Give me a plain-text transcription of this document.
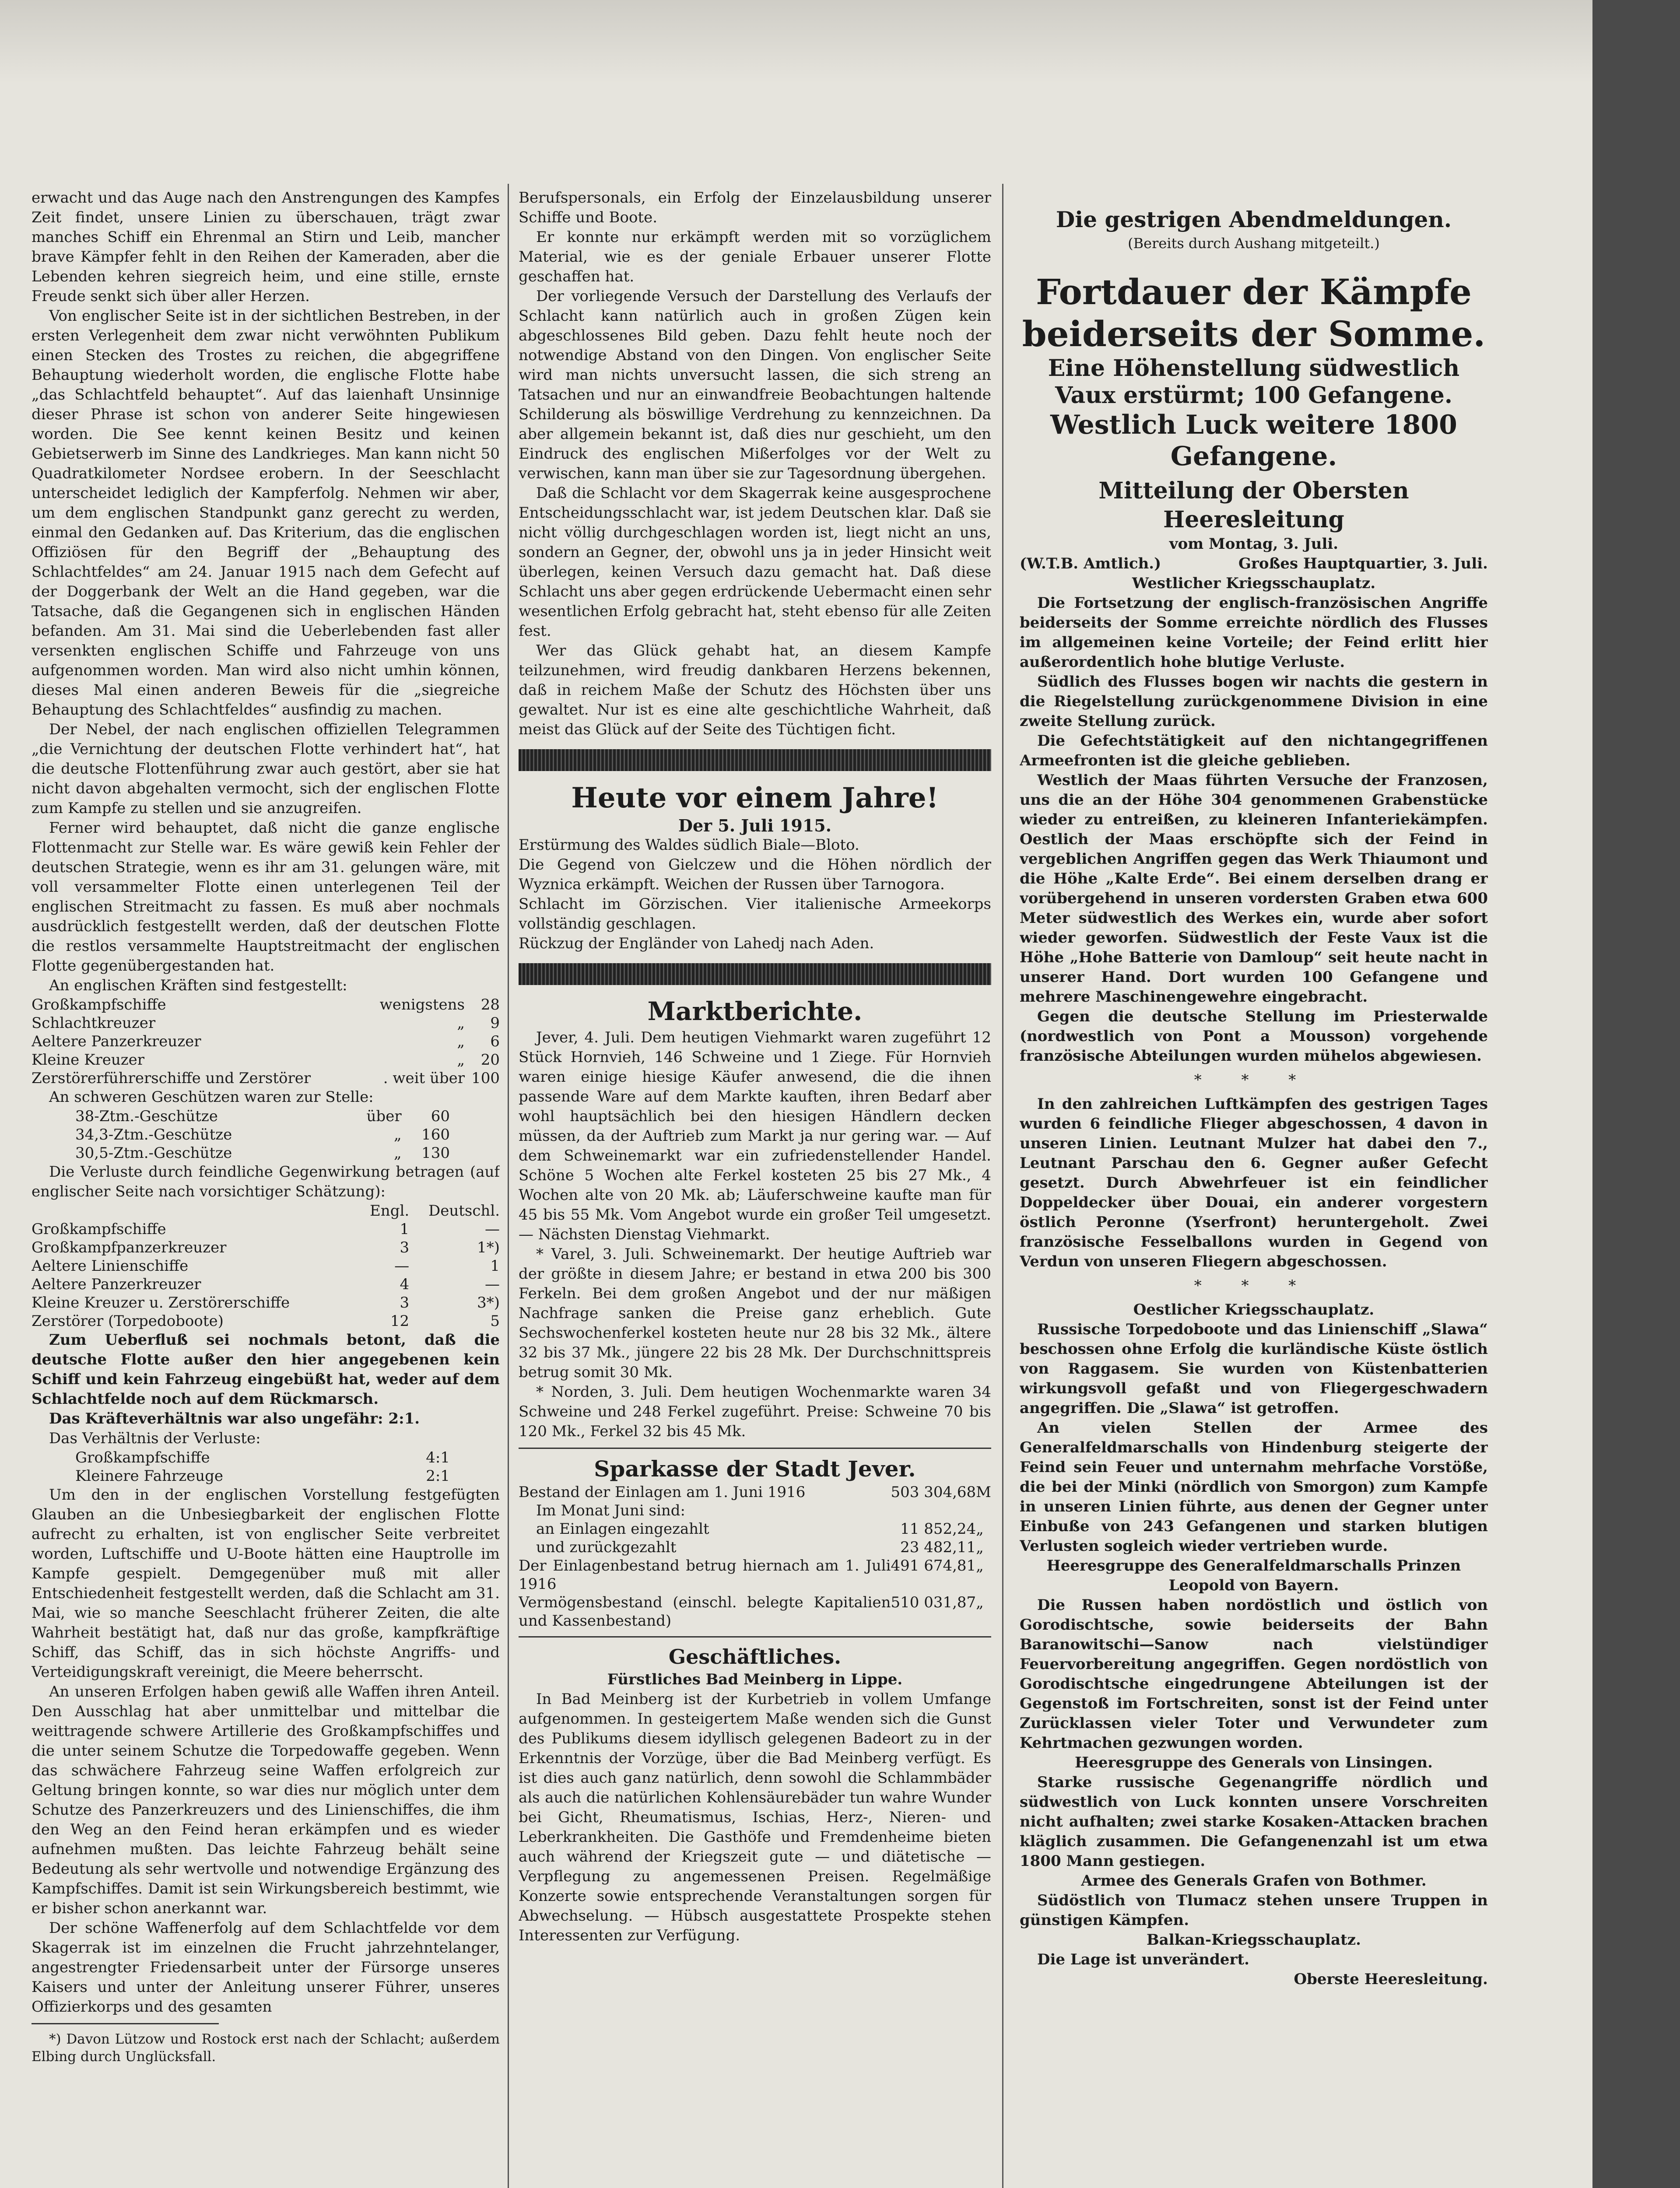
erwacht und das Auge nach den Anstrengungen des Kampfes Zeit findet, unsere Linien zu überschauen, trägt zwar manches Schiff ein Ehrenmal an Stirn und Leib, mancher brave Kämpfer fehlt in den Reihen der Kameraden, aber die Lebenden kehren siegreich heim, und eine stille, ernste Freude senkt sich über aller Herzen.

Von englischer Seite ist in der sichtlichen Bestreben, in der ersten Verlegenheit dem zwar nicht verwöhnten Publikum einen Stecken des Trostes zu reichen, die abgegriffene Behauptung wiederholt worden, die englische Flotte habe „das Schlachtfeld behauptet“. Auf das laienhaft Unsinnige dieser Phrase ist schon von anderer Seite hingewiesen worden. Die See kennt keinen Besitz und keinen Gebietserwerb im Sinne des Landkrieges. Man kann nicht 50 Quadratkilometer Nordsee erobern. In der Seeschlacht unterscheidet lediglich der Kampferfolg. Nehmen wir aber, um dem englischen Standpunkt ganz gerecht zu werden, einmal den Gedanken auf. Das Kriterium, das die englischen Offiziösen für den Begriff der „Behauptung des Schlachtfeldes“ am 24. Januar 1915 nach dem Gefecht auf der Doggerbank der Welt an die Hand gegeben, war die Tatsache, daß die Gegangenen sich in englischen Händen befanden. Am 31. Mai sind die Ueberlebenden fast aller versenkten englischen Schiffe und Fahrzeuge von uns aufgenommen worden. Man wird also nicht umhin können, dieses Mal einen anderen Beweis für die „siegreiche Behauptung des Schlachtfeldes“ ausfindig zu machen.

Der Nebel, der nach englischen offiziellen Telegrammen „die Vernichtung der deutschen Flotte verhindert hat“, hat die deutsche Flottenführung zwar auch gestört, aber sie hat nicht davon abgehalten vermocht, sich der englischen Flotte zum Kampfe zu stellen und sie anzugreifen.

Ferner wird behauptet, daß nicht die ganze englische Flottenmacht zur Stelle war. Es wäre gewiß kein Fehler der deutschen Strategie, wenn es ihr am 31. gelungen wäre, mit voll versammelter Flotte einen unterlegenen Teil der englischen Streitmacht zu fassen. Es muß aber nochmals ausdrücklich festgestellt werden, daß der deutschen Flotte die restlos versammelte Hauptstreitmacht der englischen Flotte gegenübergestanden hat.

An englischen Kräften sind festgestellt:

Großkampfschiffe	wenigstens	28
Schlachtkreuzer	„	9
Aeltere Panzerkreuzer	„	6
Kleine Kreuzer	„	20
Zerstörerführerschiffe und Zerstörer	. weit über	100

An schweren Geschützen waren zur Stelle:

38-Ztm.-Geschütze	über	60
34,3-Ztm.-Geschütze	„	160
30,5-Ztm.-Geschütze	„	130

Die Verluste durch feindliche Gegenwirkung betragen (auf englischer Seite nach vorsichtiger Schätzung):

	Engl.	Deutschl.
Großkampfschiffe	1	—
Großkampfpanzerkreuzer	3	1*)
Aeltere Linienschiffe	—	1
Aeltere Panzerkreuzer	4	—
Kleine Kreuzer u. Zerstörerschiffe	3	3*)
Zerstörer (Torpedoboote)	12	5

Zum Ueberfluß sei nochmals betont, daß die deutsche Flotte außer den hier angegebenen kein Schiff und kein Fahrzeug eingebüßt hat, weder auf dem Schlachtfelde noch auf dem Rückmarsch.

Das Kräfteverhältnis war also ungefähr: 2:1.

Das Verhältnis der Verluste:

Großkampfschiffe	4:1
Kleinere Fahrzeuge	2:1

Um den in der englischen Vorstellung festgefügten Glauben an die Unbesiegbarkeit der englischen Flotte aufrecht zu erhalten, ist von englischer Seite verbreitet worden, Luftschiffe und U-Boote hätten eine Hauptrolle im Kampfe gespielt. Demgegenüber muß mit aller Entschiedenheit festgestellt werden, daß die Schlacht am 31. Mai, wie so manche Seeschlacht früherer Zeiten, die alte Wahrheit bestätigt hat, daß nur das große, kampfkräftige Schiff, das Schiff, das in sich höchste Angriffs- und Verteidigungskraft vereinigt, die Meere beherrscht.

An unseren Erfolgen haben gewiß alle Waffen ihren Anteil. Den Ausschlag hat aber unmittelbar und mittelbar die weittragende schwere Artillerie des Großkampfschiffes und die unter seinem Schutze die Torpedowaffe gegeben. Wenn das schwächere Fahrzeug seine Waffen erfolgreich zur Geltung bringen konnte, so war dies nur möglich unter dem Schutze des Panzerkreuzers und des Linienschiffes, die ihm den Weg an den Feind heran erkämpfen und es wieder aufnehmen mußten. Das leichte Fahrzeug behält seine Bedeutung als sehr wertvolle und notwendige Ergänzung des Kampfschiffes. Damit ist sein Wirkungsbereich bestimmt, wie er bisher schon anerkannt war.

Der schöne Waffenerfolg auf dem Schlachtfelde vor dem Skagerrak ist im einzelnen die Frucht jahrzehntelanger, angestrengter Friedensarbeit unter der Fürsorge unseres Kaisers und unter der Anleitung unserer Führer, unseres Offizierkorps und des gesamten

*) Davon Lützow und Rostock erst nach der Schlacht; außerdem Elbing durch Unglücksfall.

Berufspersonals, ein Erfolg der Einzelausbildung unserer Schiffe und Boote.

Er konnte nur erkämpft werden mit so vorzüglichem Material, wie es der geniale Erbauer unserer Flotte geschaffen hat.

Der vorliegende Versuch der Darstellung des Verlaufs der Schlacht kann natürlich auch in großen Zügen kein abgeschlossenes Bild geben. Dazu fehlt heute noch der notwendige Abstand von den Dingen. Von englischer Seite wird man nichts unversucht lassen, die sich streng an Tatsachen und nur an einwandfreie Beobachtungen haltende Schilderung als böswillige Verdrehung zu kennzeichnen. Da aber allgemein bekannt ist, daß dies nur geschieht, um den Eindruck des englischen Mißerfolges vor der Welt zu verwischen, kann man über sie zur Tagesordnung übergehen.

Daß die Schlacht vor dem Skagerrak keine ausgesprochene Entscheidungsschlacht war, ist jedem Deutschen klar. Daß sie nicht völlig durchgeschlagen worden ist, liegt nicht an uns, sondern an Gegner, der, obwohl uns ja in jeder Hinsicht weit überlegen, keinen Versuch dazu gemacht hat. Daß diese Schlacht uns aber gegen erdrückende Uebermacht einen sehr wesentlichen Erfolg gebracht hat, steht ebenso für alle Zeiten fest.

Wer das Glück gehabt hat, an diesem Kampfe teilzunehmen, wird freudig dankbaren Herzens bekennen, daß in reichem Maße der Schutz des Höchsten über uns gewaltet. Nur ist es eine alte geschichtliche Wahrheit, daß meist das Glück auf der Seite des Tüchtigen ficht.

Heute vor einem Jahre!
Der 5. Juli 1915.

Erstürmung des Waldes südlich Biale—Bloto.

Die Gegend von Gielczew und die Höhen nördlich der Wyznica erkämpft. Weichen der Russen über Tarnogora.

Schlacht im Görzischen. Vier italienische Armeekorps vollständig geschlagen.

Rückzug der Engländer von Lahedj nach Aden.

Marktberichte.

Jever, 4. Juli. Dem heutigen Viehmarkt waren zugeführt 12 Stück Hornvieh, 146 Schweine und 1 Ziege. Für Hornvieh waren einige hiesige Käufer anwesend, die die ihnen passende Ware auf dem Markte kauften, ihren Bedarf aber wohl hauptsächlich bei den hiesigen Händlern decken müssen, da der Auftrieb zum Markt ja nur gering war. — Auf dem Schweinemarkt war ein zufriedenstellender Handel. Schöne 5 Wochen alte Ferkel kosteten 25 bis 27 Mk., 4 Wochen alte von 20 Mk. ab; Läuferschweine kaufte man für 45 bis 55 Mk. Vom Angebot wurde ein großer Teil umgesetzt. — Nächsten Dienstag Viehmarkt.

* Varel, 3. Juli. Schweinemarkt. Der heutige Auftrieb war der größte in diesem Jahre; er bestand in etwa 200 bis 300 Ferkeln. Bei dem großen Angebot und der nur mäßigen Nachfrage sanken die Preise ganz erheblich. Gute Sechswochenferkel kosteten heute nur 28 bis 32 Mk., ältere 32 bis 37 Mk., jüngere 22 bis 28 Mk. Der Durchschnittspreis betrug somit 30 Mk.

* Norden, 3. Juli. Dem heutigen Wochenmarkte waren 34 Schweine und 248 Ferkel zugeführt. Preise: Schweine 70 bis 120 Mk., Ferkel 32 bis 45 Mk.

Sparkasse der Stadt Jever.
Bestand der Einlagen am 1. Juni 1916	503 304,68	M
Im Monat Juni sind:		
an Einlagen eingezahlt	11 852,24	„
und zurückgezahlt	23 482,11	„
Der Einlagenbestand betrug hiernach am 1. Juli 1916	491 674,81	„
Vermögensbestand (einschl. belegte Kapitalien und Kassenbestand)	510 031,87	„
Geschäftliches.
Fürstliches Bad Meinberg in Lippe.

In Bad Meinberg ist der Kurbetrieb in vollem Umfange aufgenommen. In gesteigertem Maße wenden sich die Gunst des Publikums diesem idyllisch gelegenen Badeort zu in der Erkenntnis der Vorzüge, über die Bad Meinberg verfügt. Es ist dies auch ganz natürlich, denn sowohl die Schlammbäder als auch die natürlichen Kohlensäurebäder tun wahre Wunder bei Gicht, Rheumatismus, Ischias, Herz-, Nieren- und Leberkrankheiten. Die Gasthöfe und Fremdenheime bieten auch während der Kriegszeit gute — und diätetische — Verpflegung zu angemessenen Preisen. Regelmäßige Konzerte sowie entsprechende Veranstaltungen sorgen für Abwechselung. — Hübsch ausgestattete Prospekte stehen Interessenten zur Verfügung.

Die gestrigen Abendmeldungen.
(Bereits durch Aushang mitgeteilt.)
Fortdauer der Kämpfe beiderseits der Somme.
Eine Höhenstellung südwestlich Vaux erstürmt; 100 Gefangene.
Westlich Luck weitere 1800 Gefangene.
Mitteilung der Obersten Heeresleitung
vom Montag, 3. Juli.
(W.T.B. Amtlich.)	Großes Hauptquartier, 3. Juli.
Westlicher Kriegsschauplatz.

Die Fortsetzung der englisch-französischen Angriffe beiderseits der Somme erreichte nördlich des Flusses im allgemeinen keine Vorteile; der Feind erlitt hier außerordentlich hohe blutige Verluste.

Südlich des Flusses bogen wir nachts die gestern in die Riegelstellung zurückgenommene Division in eine zweite Stellung zurück.

Die Gefechtstätigkeit auf den nichtangegriffenen Armeefronten ist die gleiche geblieben.

Westlich der Maas führten Versuche der Franzosen, uns die an der Höhe 304 genommenen Grabenstücke wieder zu entreißen, zu kleineren Infanteriekämpfen. Oestlich der Maas erschöpfte sich der Feind in vergeblichen Angriffen gegen das Werk Thiaumont und die Höhe „Kalte Erde“. Bei einem derselben drang er vorübergehend in unseren vordersten Graben etwa 600 Meter südwestlich des Werkes ein, wurde aber sofort wieder geworfen. Südwestlich der Feste Vaux ist die Höhe „Hohe Batterie von Damloup“ seit heute nacht in unserer Hand. Dort wurden 100 Gefangene und mehrere Maschinengewehre eingebracht.

Gegen die deutsche Stellung im Priesterwalde (nordwestlich von Pont a Mousson) vorgehende französische Abteilungen wurden mühelos abgewiesen.

* * *

In den zahlreichen Luftkämpfen des gestrigen Tages wurden 6 feindliche Flieger abgeschossen, 4 davon in unseren Linien. Leutnant Mulzer hat dabei den 7., Leutnant Parschau den 6. Gegner außer Gefecht gesetzt. Durch Abwehrfeuer ist ein feindlicher Doppeldecker über Douai, ein anderer vorgestern östlich Peronne (Yserfront) heruntergeholt. Zwei französische Fesselballons wurden in Gegend von Verdun von unseren Fliegern abgeschossen.

* * *
Oestlicher Kriegsschauplatz.

Russische Torpedoboote und das Linienschiff „Slawa“ beschossen ohne Erfolg die kurländische Küste östlich von Raggasem. Sie wurden von Küstenbatterien wirkungsvoll gefaßt und von Fliegergeschwadern angegriffen. Die „Slawa“ ist getroffen.

An vielen Stellen der Armee des Generalfeldmarschalls von Hindenburg steigerte der Feind sein Feuer und unternahm mehrfache Vorstöße, die bei der Minki (nördlich von Smorgon) zum Kampfe in unseren Linien führte, aus denen der Gegner unter Einbuße von 243 Gefangenen und starken blutigen Verlusten sogleich wieder vertrieben wurde.

Heeresgruppe des Generalfeldmarschalls Prinzen Leopold von Bayern.

Die Russen haben nordöstlich und östlich von Gorodischtsche, sowie beiderseits der Bahn Baranowitschi—Sanow nach vielstündiger Feuervorbereitung angegriffen. Gegen nordöstlich von Gorodischtsche eingedrungene Abteilungen ist der Gegenstoß im Fortschreiten, sonst ist der Feind unter Zurücklassen vieler Toter und Verwundeter zum Kehrtmachen gezwungen worden.

Heeresgruppe des Generals von Linsingen.

Starke russische Gegenangriffe nördlich und südwestlich von Luck konnten unsere Vorschreiten nicht aufhalten; zwei starke Kosaken-Attacken brachen kläglich zusammen. Die Gefangenenzahl ist um etwa 1800 Mann gestiegen.

Armee des Generals Grafen von Bothmer.

Südöstlich von Tlumacz stehen unsere Truppen in günstigen Kämpfen.

Balkan-Kriegsschauplatz.

Die Lage ist unverändert.

Oberste Heeresleitung.
